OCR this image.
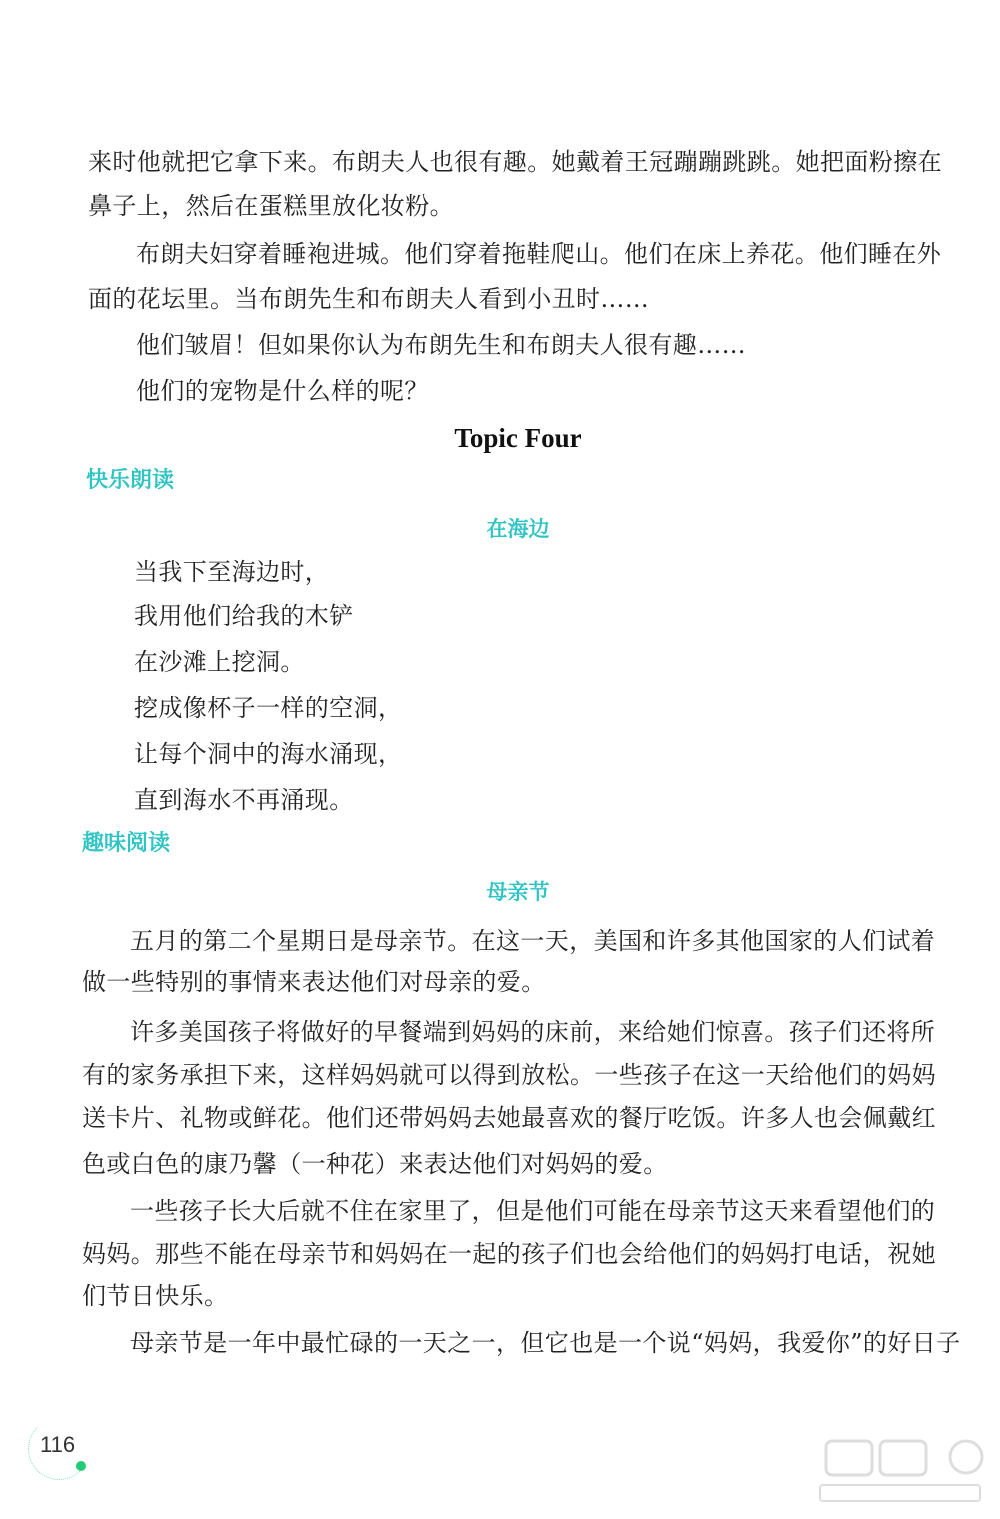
来时他就把它拿下来。布朗夫人也很有趣。她戴着王冠蹦蹦跳跳。她把面粉擦在
鼻子上，然后在蛋糕里放化妆粉。
布朗夫妇穿着睡袍进城。他们穿着拖鞋爬山。他们在床上养花。他们睡在外
面的花坛里。当布朗先生和布朗夫人看到小丑时……
他们皱眉！但如果你认为布朗先生和布朗夫人很有趣……
他们的宠物是什么样的呢？
Topic Four
快乐朗读
在海边
当我下至海边时，
我用他们给我的木铲
在沙滩上挖洞。
挖成像杯子一样的空洞，
让每个洞中的海水涌现，
直到海水不再涌现。
趣味阅读
母亲节
五月的第二个星期日是母亲节。在这一天，美国和许多其他国家的人们试着
做一些特别的事情来表达他们对母亲的爱。
许多美国孩子将做好的早餐端到妈妈的床前，来给她们惊喜。孩子们还将所
有的家务承担下来，这样妈妈就可以得到放松。一些孩子在这一天给他们的妈妈
送卡片、礼物或鲜花。他们还带妈妈去她最喜欢的餐厅吃饭。许多人也会佩戴红
色或白色的康乃馨（一种花）来表达他们对妈妈的爱。
一些孩子长大后就不住在家里了，但是他们可能在母亲节这天来看望他们的
妈妈。那些不能在母亲节和妈妈在一起的孩子们也会给他们的妈妈打电话，祝她
们节日快乐。
母亲节是一年中最忙碌的一天之一，但它也是一个说“妈妈，我爱你”的好日子
116
